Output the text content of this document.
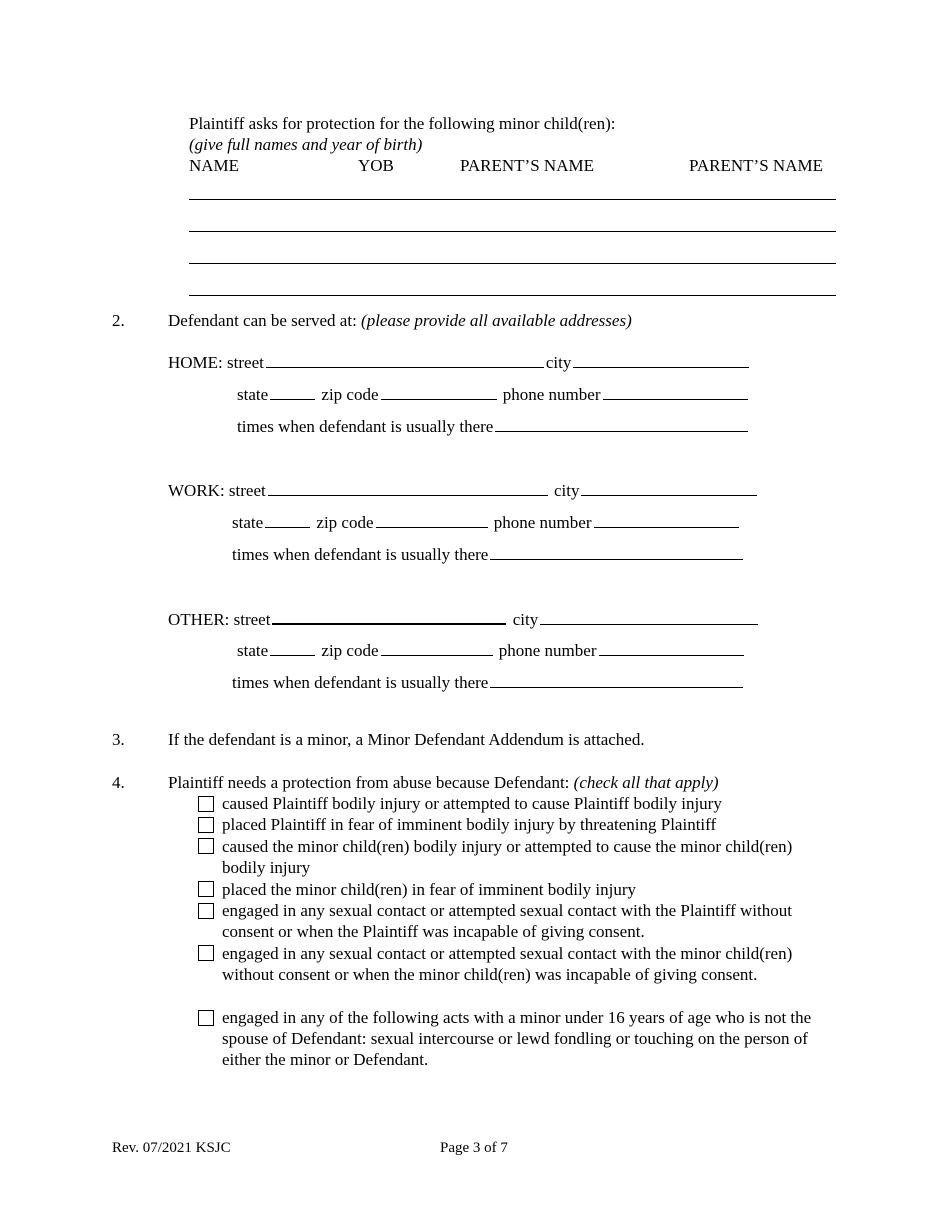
Plaintiff asks for protection for the following minor child(ren):
(give full names and year of birth)
NAME	YOB	PARENT’S NAME	PARENT’S NAME
2.	Defendant can be served at: (please provide all available addresses)
HOME: street	city
state	zip code	phone number
times when defendant is usually there
WORK: street	city
state	zip code	phone number
times when defendant is usually there
OTHER: street	city
state	zip code	phone number
times when defendant is usually there
3.	If the defendant is a minor, a Minor Defendant Addendum is attached.
4.	Plaintiff needs a protection from abuse because Defendant: (check all that apply)
caused Plaintiff bodily injury or attempted to cause Plaintiff bodily injury
placed Plaintiff in fear of imminent bodily injury by threatening Plaintiff
caused the minor child(ren) bodily injury or attempted to cause the minor child(ren) bodily injury
placed the minor child(ren) in fear of imminent bodily injury
engaged in any sexual contact or attempted sexual contact with the Plaintiff without consent or when the Plaintiff was incapable of giving consent.
engaged in any sexual contact or attempted sexual contact with the minor child(ren) without consent or when the minor child(ren) was incapable of giving consent.
engaged in any of the following acts with a minor under 16 years of age who is not the spouse of Defendant: sexual intercourse or lewd fondling or touching on the person of either the minor or Defendant.
Rev. 07/2021 KSJC	Page 3 of 7
